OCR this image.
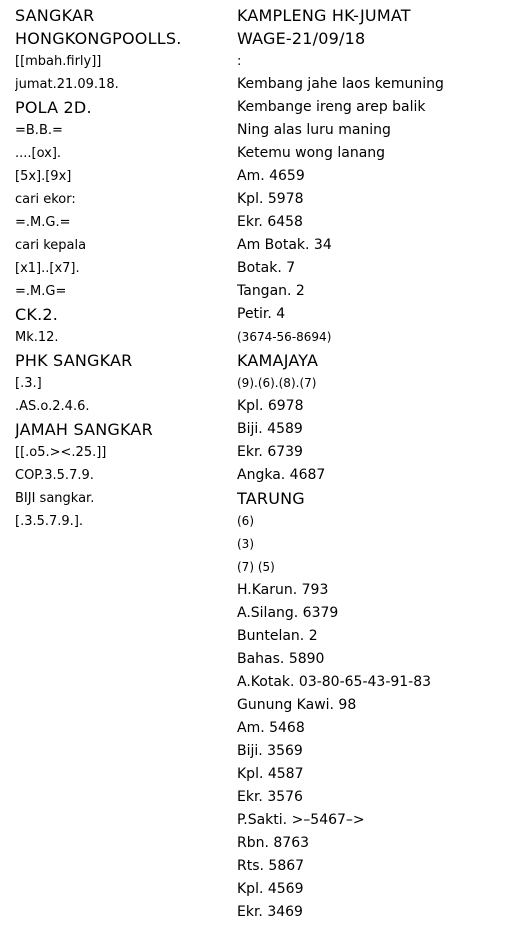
SANGKAR
HONGKONGPOOLLS.
[[mbah.firly]]
jumat.21.09.18.
POLA 2D.
=B.B.=
....[ox].
[5x].[9x]
cari ekor:
=.M.G.=
cari kepala
[x1]..[x7].
=.M.G=
CK.2.
Mk.12.
PHK SANGKAR
[.3.]
.AS.o.2.4.6.
JAMAH SANGKAR
[[.o5.><.25.]]
COP.3.5.7.9.
BIJI sangkar.
[.3.5.7.9.].
KAMPLENG HK-JUMAT
WAGE-21/09/18
:
Kembang jahe laos kemuning
Kembange ireng arep balik
Ning alas luru maning
Ketemu wong lanang
Am. 4659
Kpl. 5978
Ekr. 6458
Am Botak. 34
Botak. 7
Tangan. 2
Petir. 4
(3674-56-8694)
KAMAJAYA
(9).(6).(8).(7)
Kpl. 6978
Biji. 4589
Ekr. 6739
Angka. 4687
TARUNG
(6)
(3)
(7) (5)
H.Karun. 793
A.Silang. 6379
Buntelan. 2
Bahas. 5890
A.Kotak. 03-80-65-43-91-83
Gunung Kawi. 98
Am. 5468
Biji. 3569
Kpl. 4587
Ekr. 3576
P.Sakti. >–5467–>
Rbn. 8763
Rts. 5867
Kpl. 4569
Ekr. 3469
